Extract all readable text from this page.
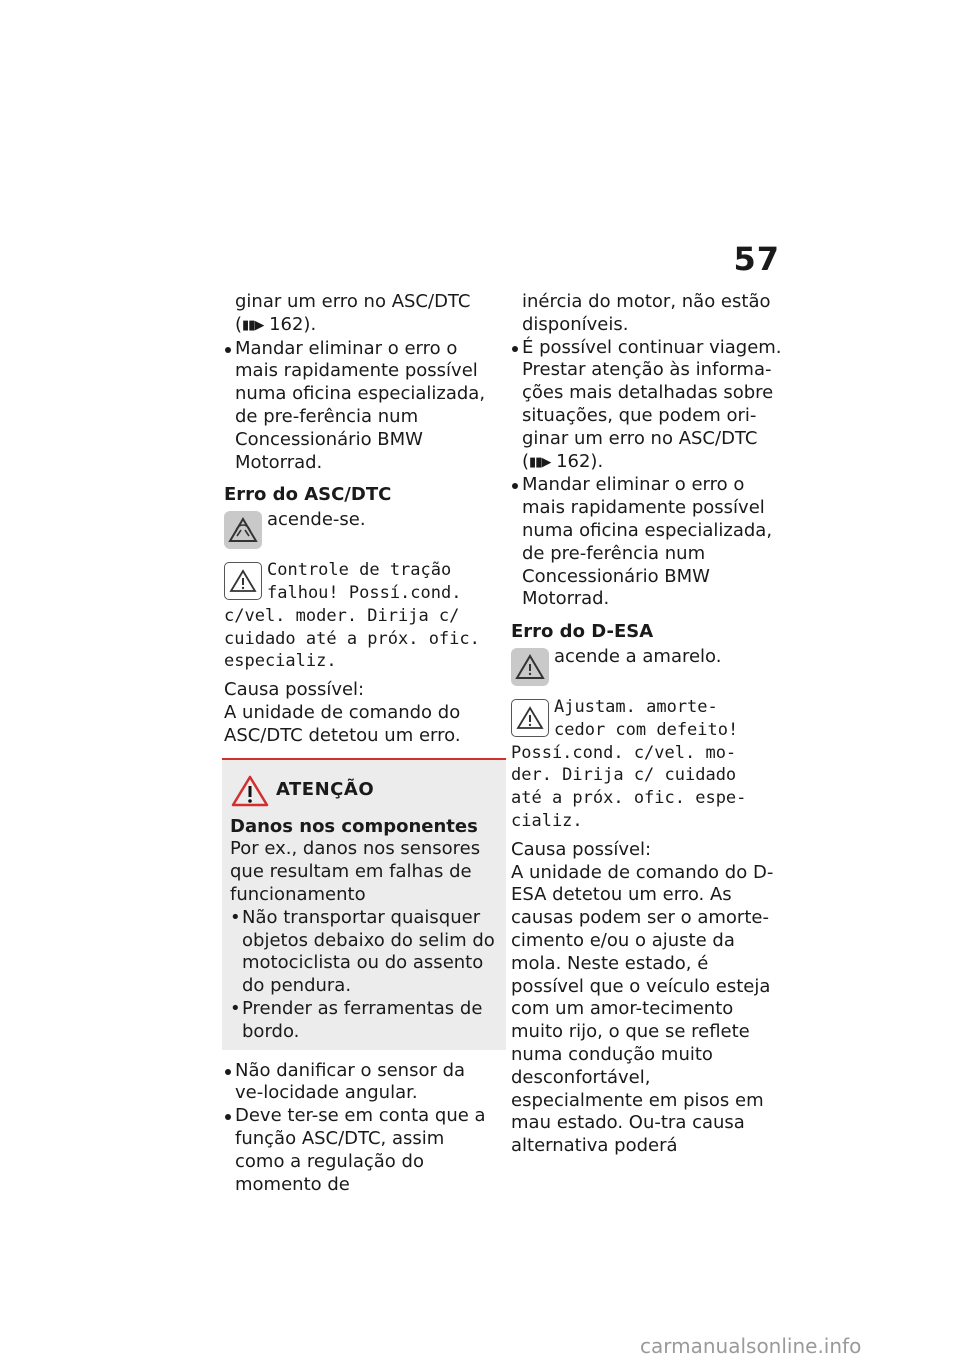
57

ginar um erro no ASC/DTC
(▮▮▶ 162).

Mandar eliminar o erro o mais rapidamente possível numa oficina especializada, de pre-ferência num Concessionário BMW Motorrad.

Erro do ASC/DTC

acende-se.
Controle de tração
falhou! Possí.cond.
c/vel. moder. Dirija c/ cuidado até a próx. ofic. especializ.

Causa possível:

A unidade de comando do ASC/DTC detetou um erro.

ATENÇÃO

Danos nos componentes

Por ex., danos nos sensores que resultam em falhas de funcionamento

• Não transportar quaisquer objetos debaixo do selim do motociclista ou do assento do pendura.

• Prender as ferramentas de bordo.

Não danificar o sensor da ve-locidade angular.

Deve ter-se em conta que a função ASC/DTC, assim como a regulação do momento de

inércia do motor, não estão disponíveis.

É possível continuar viagem. Prestar atenção às informa-ções mais detalhadas sobre situações, que podem ori-ginar um erro no ASC/DTC
(▮▮▶ 162).

Mandar eliminar o erro o mais rapidamente possível numa oficina especializada, de pre-ferência num Concessionário BMW Motorrad.

Erro do D-ESA

acende a amarelo.
Ajustam. amorte-
cedor com defeito!
Possí.cond. c/vel. mo-der. Dirija c/ cuidado até a próx. ofic. espe-cializ.

Causa possível:

A unidade de comando do D-ESA detetou um erro. As causas podem ser o amorte-cimento e/ou o ajuste da mola. Neste estado, é possível que o veículo esteja com um amor-tecimento muito rijo, o que se reflete numa condução muito desconfortável, especialmente em pisos em mau estado. Ou-tra causa alternativa poderá

carmanualsonline.info
